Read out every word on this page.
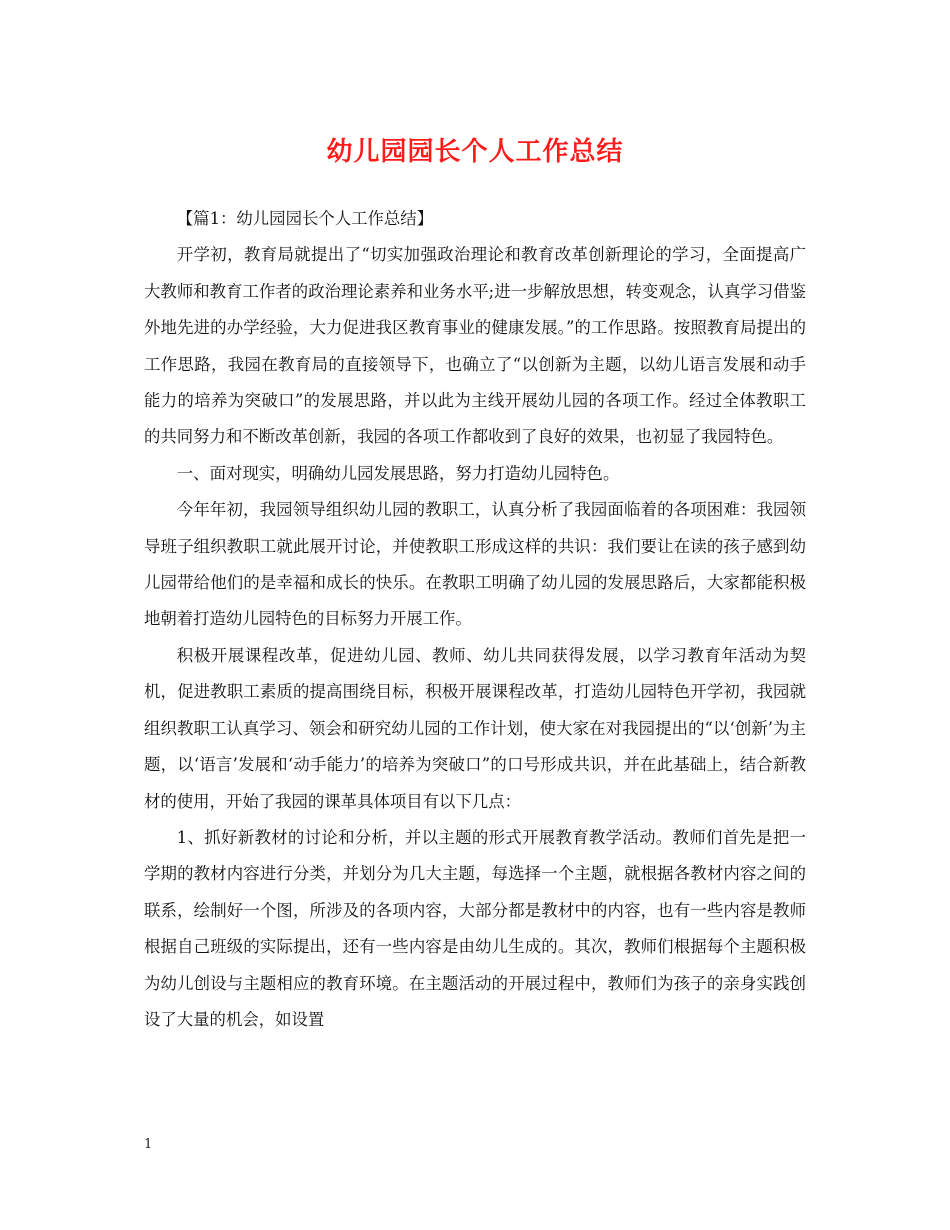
幼儿园园长个人工作总结

【篇1：幼儿园园长个人工作总结】

开学初，教育局就提出了“切实加强政治理论和教育改革创新理论的学习，全面提高广大教师和教育工作者的政治理论素养和业务水平;进一步解放思想，转变观念，认真学习借鉴外地先进的办学经验，大力促进我区教育事业的健康发展。”的工作思路。按照教育局提出的工作思路，我园在教育局的直接领导下，也确立了“以创新为主题，以幼儿语言发展和动手能力的培养为突破口”的发展思路，并以此为主线开展幼儿园的各项工作。经过全体教职工的共同努力和不断改革创新，我园的各项工作都收到了良好的效果，也初显了我园特色。

一、面对现实，明确幼儿园发展思路，努力打造幼儿园特色。

今年年初，我园领导组织幼儿园的教职工，认真分析了我园面临着的各项困难：我园领导班子组织教职工就此展开讨论，并使教职工形成这样的共识：我们要让在读的孩子感到幼儿园带给他们的是幸福和成长的快乐。在教职工明确了幼儿园的发展思路后，大家都能积极地朝着打造幼儿园特色的目标努力开展工作。

积极开展课程改革，促进幼儿园、教师、幼儿共同获得发展，以学习教育年活动为契机，促进教职工素质的提高围绕目标，积极开展课程改革，打造幼儿园特色开学初，我园就组织教职工认真学习、领会和研究幼儿园的工作计划，使大家在对我园提出的“以‘创新’为主题，以‘语言’发展和‘动手能力’的培养为突破口”的口号形成共识，并在此基础上，结合新教材的使用，开始了我园的课革具体项目有以下几点：

1、抓好新教材的讨论和分析，并以主题的形式开展教育教学活动。教师们首先是把一学期的教材内容进行分类，并划分为几大主题，每选择一个主题，就根据各教材内容之间的联系，绘制好一个图，所涉及的各项内容，大部分都是教材中的内容，也有一些内容是教师根据自己班级的实际提出，还有一些内容是由幼儿生成的。其次，教师们根据每个主题积极为幼儿创设与主题相应的教育环境。在主题活动的开展过程中，教师们为孩子的亲身实践创设了大量的机会，如设置

1
